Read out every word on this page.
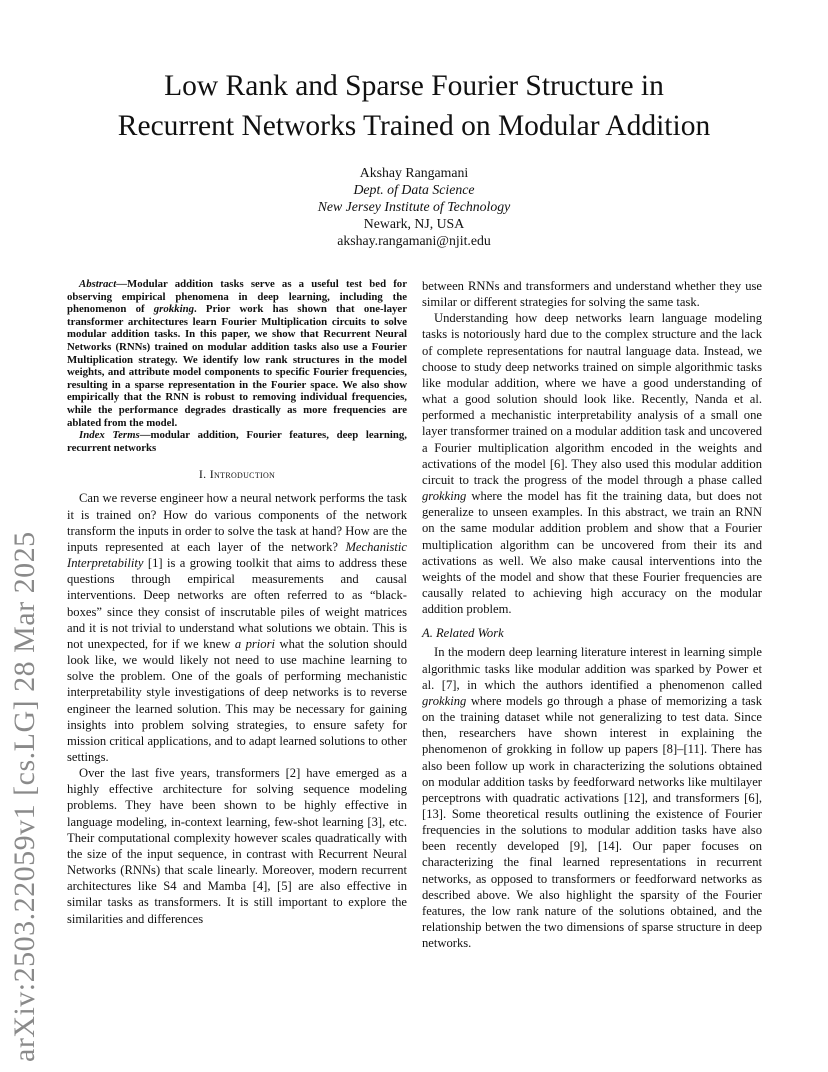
arXiv:2503.22059v1 [cs.LG] 28 Mar 2025
Low Rank and Sparse Fourier Structure in
Recurrent Networks Trained on Modular Addition
Akshay Rangamani
Dept. of Data Science
New Jersey Institute of Technology
Newark, NJ, USA
akshay.rangamani@njit.edu

Abstract—Modular addition tasks serve as a useful test bed for observing empirical phenomena in deep learning, including the phenomenon of grokking. Prior work has shown that one-layer transformer architectures learn Fourier Multiplication circuits to solve modular addition tasks. In this paper, we show that Recurrent Neural Networks (RNNs) trained on modular addition tasks also use a Fourier Multiplication strategy. We identify low rank structures in the model weights, and attribute model components to specific Fourier frequencies, resulting in a sparse representation in the Fourier space. We also show empirically that the RNN is robust to removing individual frequencies, while the performance degrades drastically as more frequencies are ablated from the model.

Index Terms—modular addition, Fourier features, deep learning, recurrent networks

I. Introduction

Can we reverse engineer how a neural network performs the task it is trained on? How do various components of the network transform the inputs in order to solve the task at hand? How are the inputs represented at each layer of the network? Mechanistic Interpretability [1] is a growing toolkit that aims to address these questions through empirical measurements and causal interventions. Deep networks are often referred to as “black-boxes” since they consist of inscrutable piles of weight matrices and it is not trivial to understand what solutions we obtain. This is not unexpected, for if we knew a priori what the solution should look like, we would likely not need to use machine learning to solve the problem. One of the goals of performing mechanistic interpretability style investigations of deep networks is to reverse engineer the learned solution. This may be necessary for gaining insights into problem solving strategies, to ensure safety for mission critical applications, and to adapt learned solutions to other settings.

Over the last five years, transformers [2] have emerged as a highly effective architecture for solving sequence modeling problems. They have been shown to be highly effective in language modeling, in-context learning, few-shot learning [3], etc. Their computational complexity however scales quadratically with the size of the input sequence, in contrast with Recurrent Neural Networks (RNNs) that scale linearly. Moreover, modern recurrent architectures like S4 and Mamba [4], [5] are also effective in similar tasks as transformers. It is still important to explore the similarities and differences

between RNNs and transformers and understand whether they use similar or different strategies for solving the same task.

Understanding how deep networks learn language modeling tasks is notoriously hard due to the complex structure and the lack of complete representations for nautral language data. Instead, we choose to study deep networks trained on simple algorithmic tasks like modular addition, where we have a good understanding of what a good solution should look like. Recently, Nanda et al. performed a mechanistic interpretability analysis of a small one layer transformer trained on a modular addition task and uncovered a Fourier multiplication algorithm encoded in the weights and activations of the model [6]. They also used this modular addition circuit to track the progress of the model through a phase called grokking where the model has fit the training data, but does not generalize to unseen examples. In this abstract, we train an RNN on the same modular addition problem and show that a Fourier multiplication algorithm can be uncovered from their its and activations as well. We also make causal interventions into the weights of the model and show that these Fourier frequencies are causally related to achieving high accuracy on the modular addition problem.

A. Related Work

In the modern deep learning literature interest in learning simple algorithmic tasks like modular addition was sparked by Power et al. [7], in which the authors identified a phenomenon called grokking where models go through a phase of memorizing a task on the training dataset while not generalizing to test data. Since then, researchers have shown interest in explaining the phenomenon of grokking in follow up papers [8]–[11]. There has also been follow up work in characterizing the solutions obtained on modular addition tasks by feedforward networks like multilayer perceptrons with quadratic activations [12], and transformers [6], [13]. Some theoretical results outlining the existence of Fourier frequencies in the solutions to modular addition tasks have also been recently developed [9], [14]. Our paper focuses on characterizing the final learned representations in recurrent networks, as opposed to transformers or feedforward networks as described above. We also highlight the sparsity of the Fourier features, the low rank nature of the solutions obtained, and the relationship betwen the two dimensions of sparse structure in deep networks.
